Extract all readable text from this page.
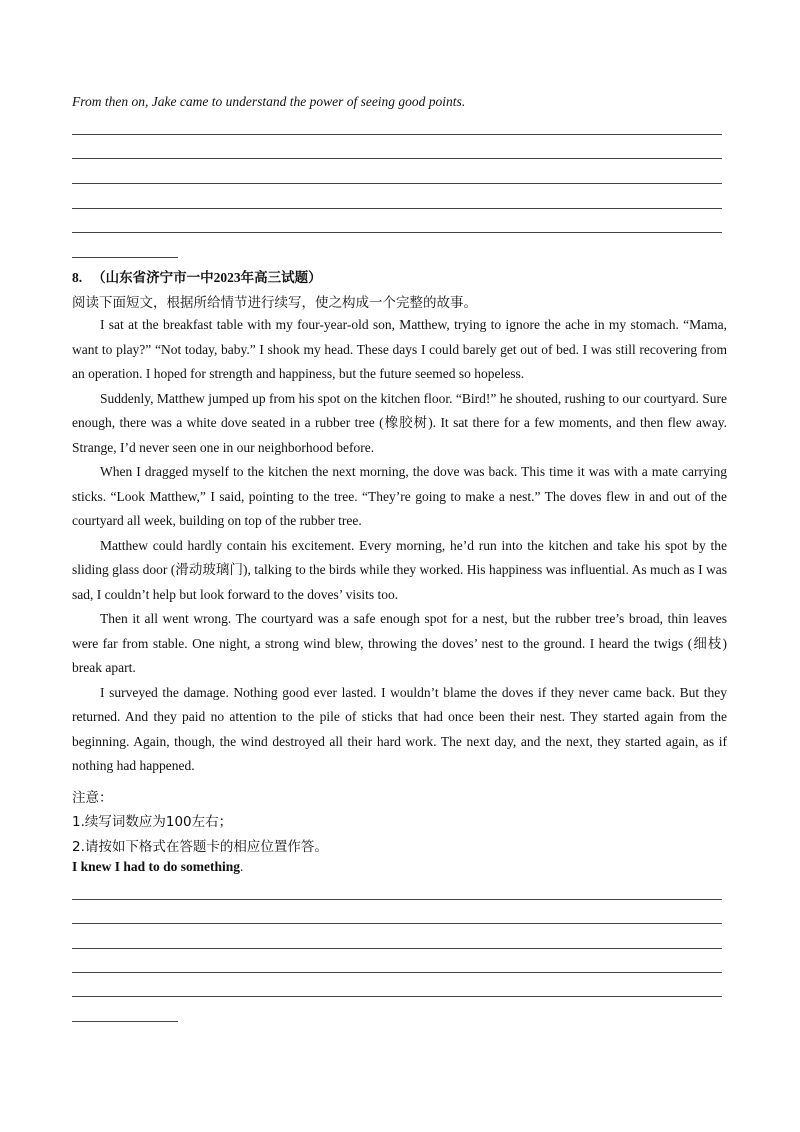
From then on, Jake came to understand the power of seeing good points.
8. （山东省济宁市一中2023年高三试题）
阅读下面短文，根据所给情节进行续写，使之构成一个完整的故事。

I sat at the breakfast table with my four-year-old son, Matthew, trying to ignore the ache in my stomach. “Mama, want to play?” “Not today, baby.” I shook my head. These days I could barely get out of bed. I was still recovering from an operation. I hoped for strength and happiness, but the future seemed so hopeless.

Suddenly, Matthew jumped up from his spot on the kitchen floor. “Bird!” he shouted, rushing to our courtyard. Sure enough, there was a white dove seated in a rubber tree (橡胶树). It sat there for a few moments, and then flew away. Strange, I’d never seen one in our neighborhood before.

When I dragged myself to the kitchen the next morning, the dove was back. This time it was with a mate carrying sticks. “Look Matthew,” I said, pointing to the tree. “They’re going to make a nest.” The doves flew in and out of the courtyard all week, building on top of the rubber tree.

Matthew could hardly contain his excitement. Every morning, he’d run into the kitchen and take his spot by the sliding glass door (滑动玻璃门), talking to the birds while they worked. His happiness was influential. As much as I was sad, I couldn’t help but look forward to the doves’ visits too.

Then it all went wrong. The courtyard was a safe enough spot for a nest, but the rubber tree’s broad, thin leaves were far from stable. One night, a strong wind blew, throwing the doves’ nest to the ground. I heard the twigs (细枝) break apart.

I surveyed the damage. Nothing good ever lasted. I wouldn’t blame the doves if they never came back. But they returned. And they paid no attention to the pile of sticks that had once been their nest. They started again from the beginning. Again, though, the wind destroyed all their hard work. The next day, and the next, they started again, as if nothing had happened.

注意：
1.续写词数应为100左右；
2.请按如下格式在答题卡的相应位置作答。
I knew I had to do something.
